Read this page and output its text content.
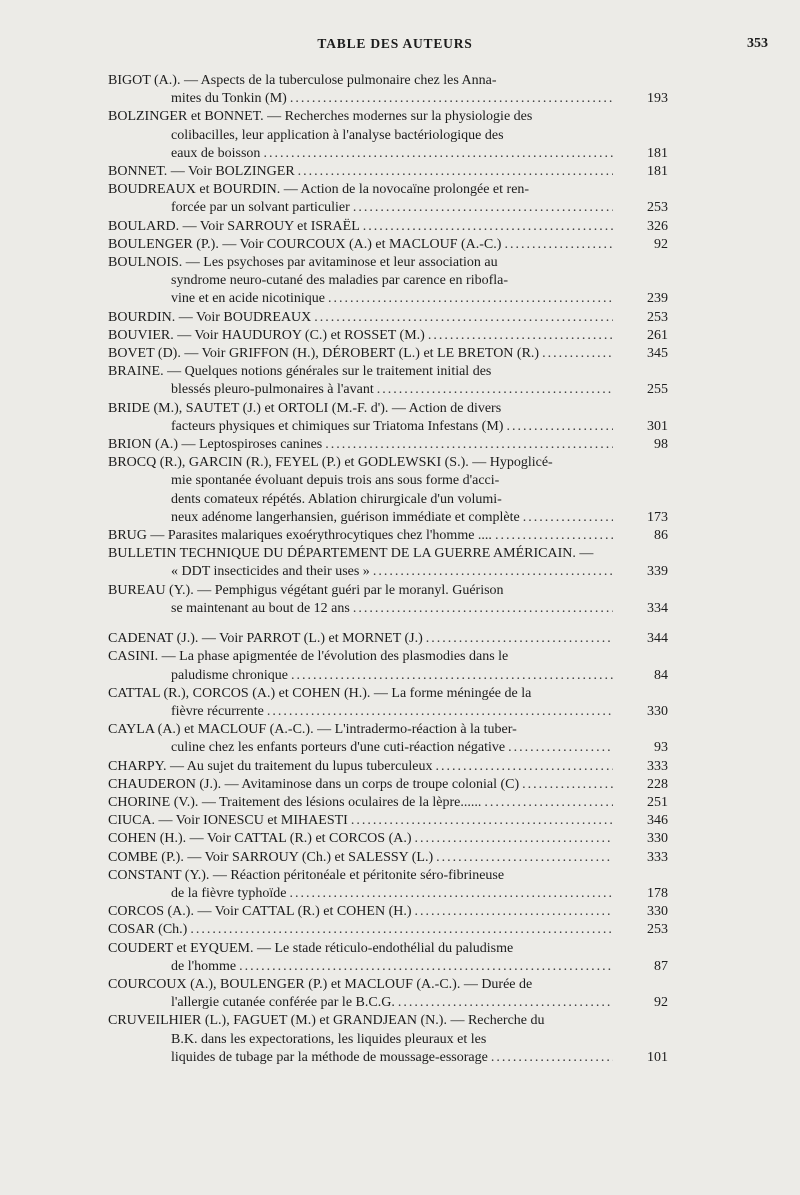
TABLE DES AUTEURS	353
BIGOT (A.). — Aspects de la tuberculose pulmonaire chez les Anna-
mites du Tonkin (M) .....	193
BOLZINGER et BONNET. — Recherches modernes sur la physiologie des
colibacilles, leur application à l'analyse bactériologique des
eaux de boisson .....	181
BONNET. — Voir BOLZINGER .....	181
BOUDREAUX et BOURDIN. — Action de la novocaïne prolongée et ren-
forcée par un solvant particulier .....	253
BOULARD. — Voir SARROUY et ISRAËL .....	326
BOULENGER (P.). — Voir COURCOUX (A.) et MACLOUF (A.-C.) .....	92
BOULNOIS. — Les psychoses par avitaminose et leur association au
syndrome neuro-cutané des maladies par carence en ribofla-
vine et en acide nicotinique .....	239
BOURDIN. — Voir BOUDREAUX .....	253
BOUVIER. — Voir HAUDUROY (C.) et ROSSET (M.) .....	261
BOVET (D). — Voir GRIFFON (H.), DÉROBERT (L.) et LE BRETON (R.) .....	345
BRAINE. — Quelques notions générales sur le traitement initial des
blessés pleuro-pulmonaires à l'avant .....	255
BRIDE (M.), SAUTET (J.) et ORTOLI (M.-F. d'). — Action de divers
facteurs physiques et chimiques sur Triatoma Infestans (M) .....	301
BRION (A.) — Leptospiroses canines .....	98
BROCQ (R.), GARCIN (R.), FEYEL (P.) et GODLEWSKI (S.). — Hypoglicé-
mie spontanée évoluant depuis trois ans sous forme d'acci-
dents comateux répétés. Ablation chirurgicale d'un volumi-
neux adénome langerhansien, guérison immédiate et complète .....	173
BRUG — Parasites malariques exoérythrocytiques chez l'homme .... .....	86
BULLETIN TECHNIQUE DU DÉPARTEMENT DE LA GUERRE AMÉRICAIN. —
« DDT insecticides and their uses » .....	339
BUREAU (Y.). — Pemphigus végétant guéri par le moranyl. Guérison
se maintenant au bout de 12 ans .....	334
CADENAT (J.). — Voir PARROT (L.) et MORNET (J.) .....	344
CASINI. — La phase apigmentée de l'évolution des plasmodies dans le
paludisme chronique .....	84
CATTAL (R.), CORCOS (A.) et COHEN (H.). — La forme méningée de la
fièvre récurrente .....	330
CAYLA (A.) et MACLOUF (A.-C.). — L'intradermo-réaction à la tuber-
culine chez les enfants porteurs d'une cuti-réaction négative .....	93
CHARPY. — Au sujet du traitement du lupus tuberculeux .....	333
CHAUDERON (J.). — Avitaminose dans un corps de troupe colonial (C) .....	228
CHORINE (V.). — Traitement des lésions oculaires de la lèpre...... .....	251
CIUCA. — Voir IONESCU et MIHAESTI .....	346
COHEN (H.). — Voir CATTAL (R.) et CORCOS (A.) .....	330
COMBE (P.). — Voir SARROUY (Ch.) et SALESSY (L.) .....	333
CONSTANT (Y.). — Réaction péritonéale et péritonite séro-fibrineuse
de la fièvre typhoïde .....	178
CORCOS (A.). — Voir CATTAL (R.) et COHEN (H.) .....	330
COSAR (Ch.) .....	253
COUDERT et EYQUEM. — Le stade réticulo-endothélial du paludisme
de l'homme .....	87
COURCOUX (A.), BOULENGER (P.) et MACLOUF (A.-C.). — Durée de
l'allergie cutanée conférée par le B.C.G. .....	92
CRUVEILHIER (L.), FAGUET (M.) et GRANDJEAN (N.). — Recherche du
B.K. dans les expectorations, les liquides pleuraux et les
liquides de tubage par la méthode de moussage-essorage .....	101
